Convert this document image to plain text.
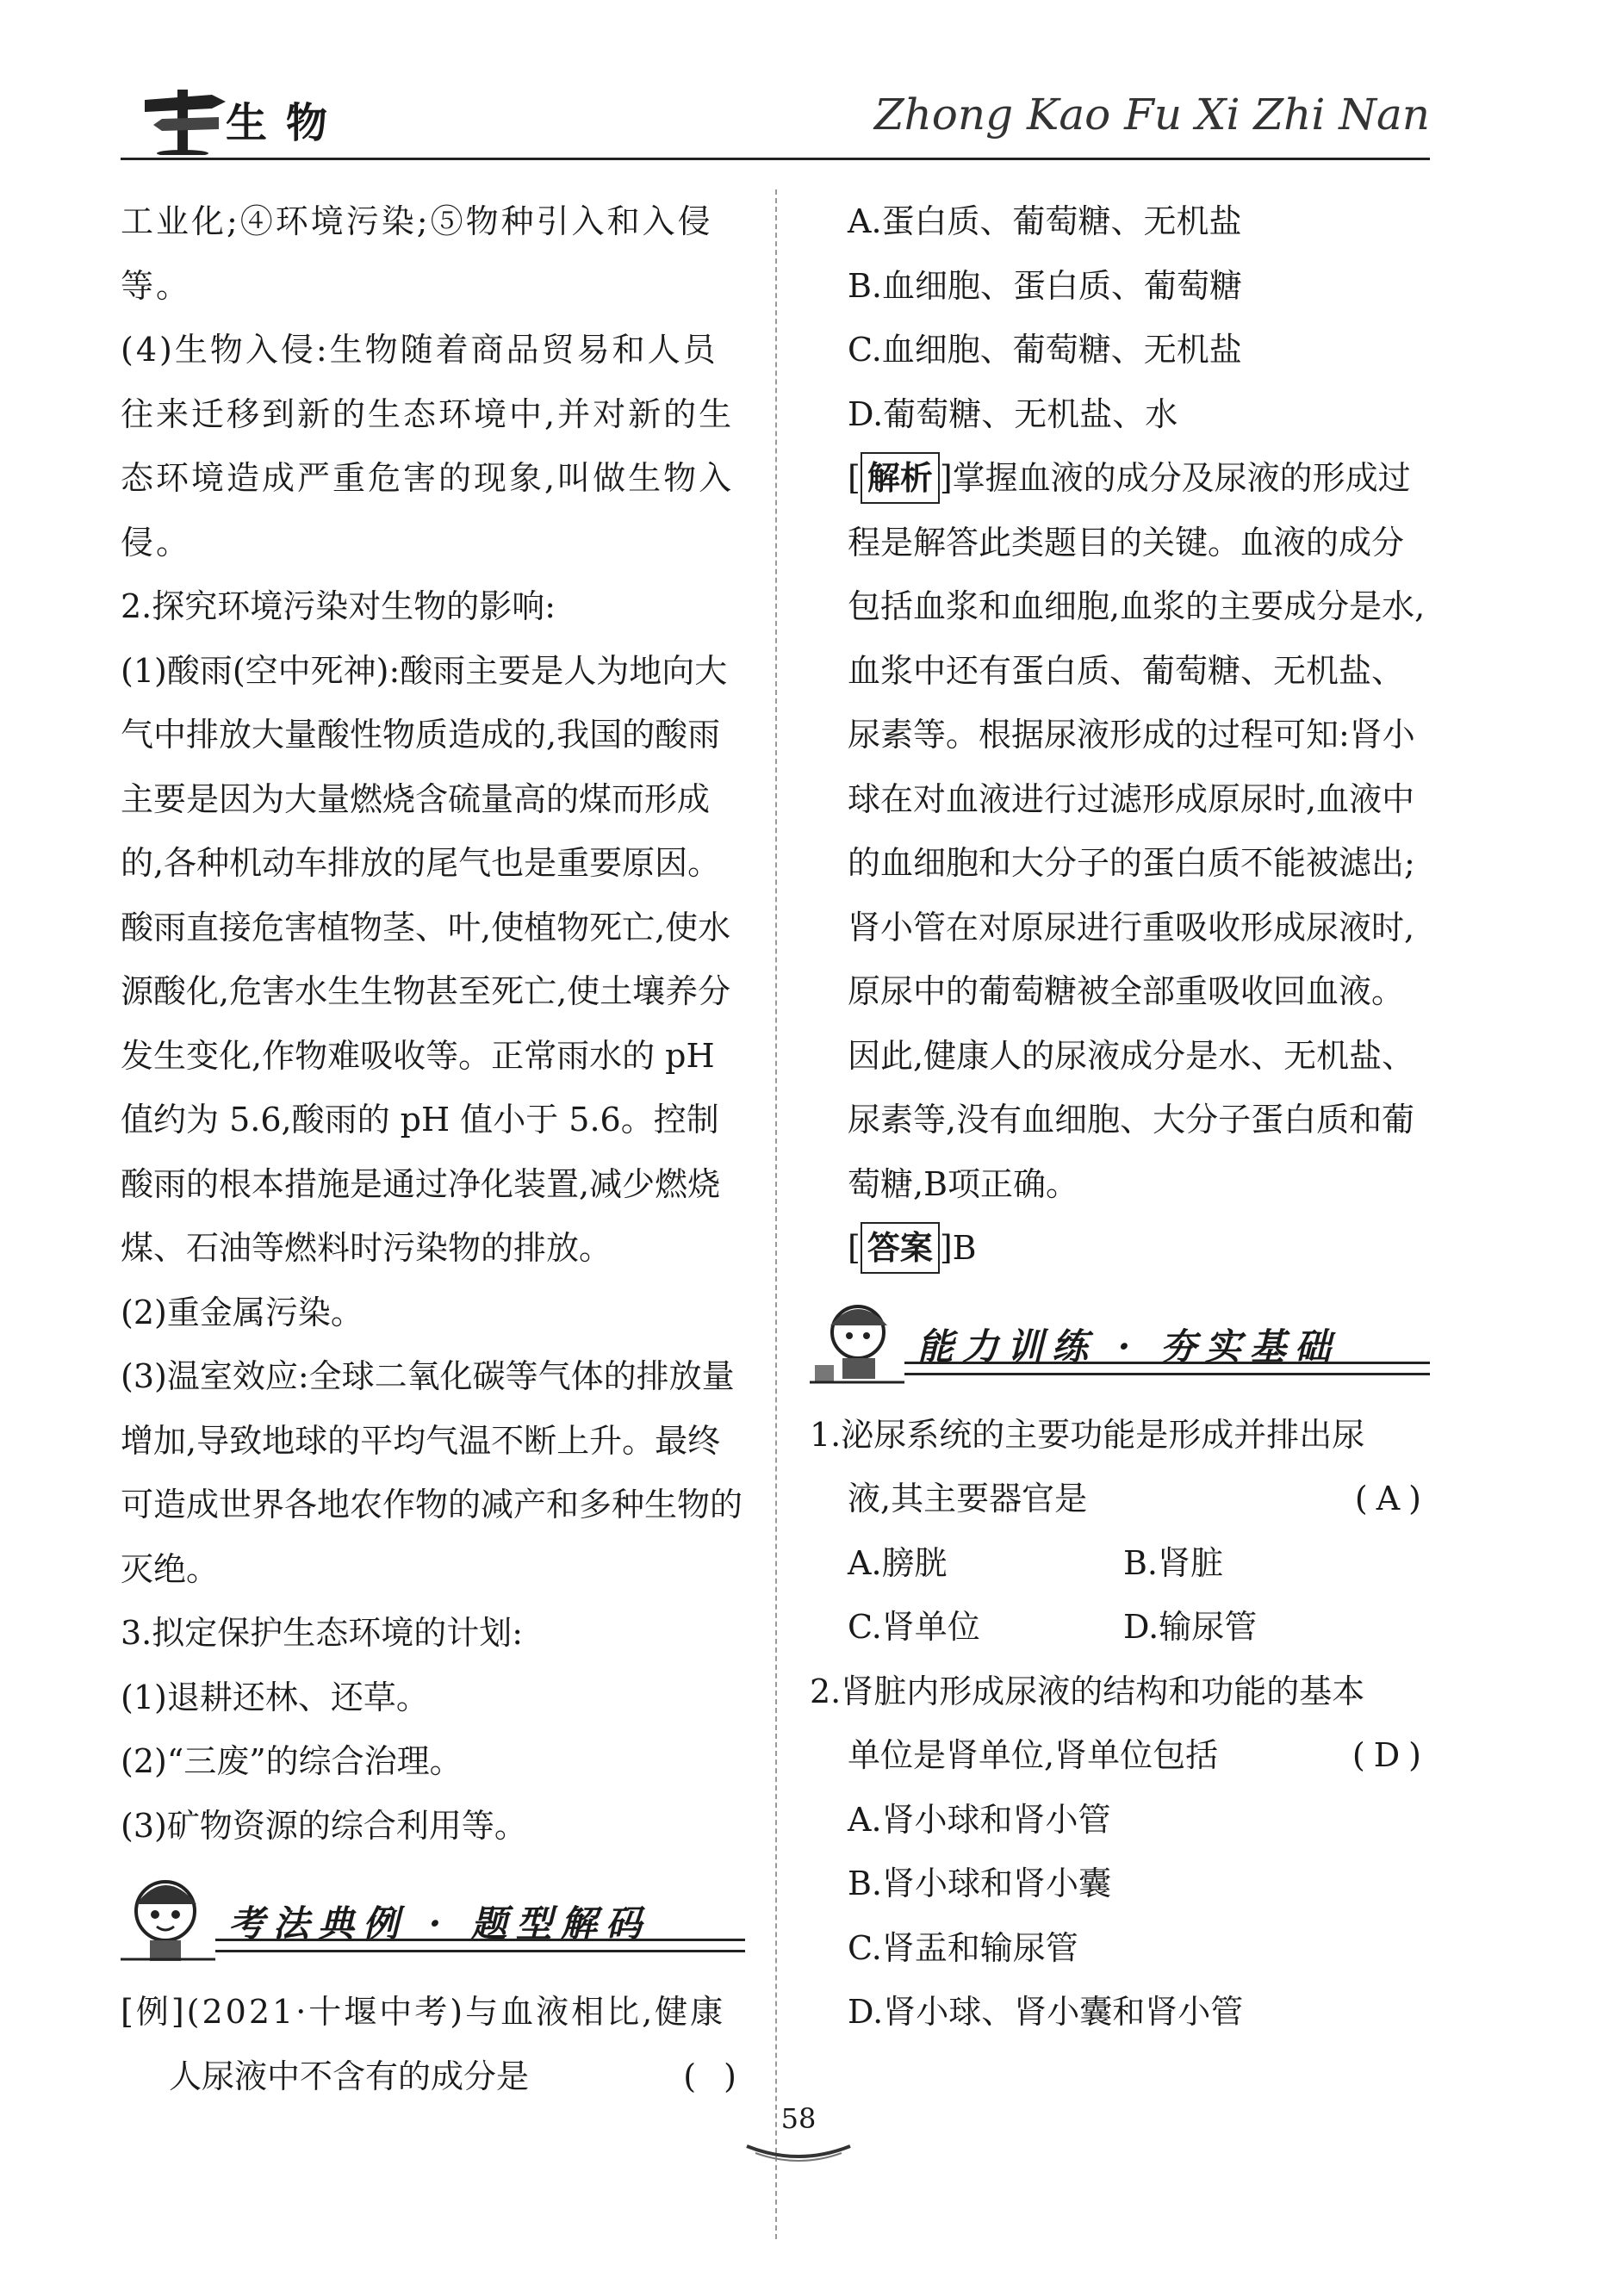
生物	Zhong Kao Fu Xi Zhi Nan

工业化;④环境污染;⑤物种引入和入侵等。

(4)生物入侵:生物随着商品贸易和人员往来迁移到新的生态环境中,并对新的生态环境造成严重危害的现象,叫做生物入侵。

2.探究环境污染对生物的影响:

(1)酸雨(空中死神):酸雨主要是人为地向大气中排放大量酸性物质造成的,我国的酸雨主要是因为大量燃烧含硫量高的煤而形成的,各种机动车排放的尾气也是重要原因。酸雨直接危害植物茎、叶,使植物死亡,使水源酸化,危害水生生物甚至死亡,使土壤养分发生变化,作物难吸收等。正常雨水的 pH 值约为 5.6,酸雨的 pH 值小于 5.6。控制酸雨的根本措施是通过净化装置,减少燃烧煤、石油等燃料时污染物的排放。

(2)重金属污染。

(3)温室效应:全球二氧化碳等气体的排放量增加,导致地球的平均气温不断上升。最终可造成世界各地农作物的减产和多种生物的灭绝。

3.拟定保护生态环境的计划:

(1)退耕还林、还草。

(2)“三废”的综合治理。

(3)矿物资源的综合利用等。

考法典例 · 题型解码

[例](2021·十堰中考)与血液相比,健康

人尿液中不含有的成分是	( )

A.蛋白质、葡萄糖、无机盐

B.血细胞、蛋白质、葡萄糖

C.血细胞、葡萄糖、无机盐

D.葡萄糖、无机盐、水

[ 解析 ]掌握血液的成分及尿液的形成过程是解答此类题目的关键。血液的成分包括血浆和血细胞,血浆的主要成分是水,血浆中还有蛋白质、葡萄糖、无机盐、尿素等。根据尿液形成的过程可知:肾小球在对血液进行过滤形成原尿时,血液中的血细胞和大分子的蛋白质不能被滤出;肾小管在对原尿进行重吸收形成尿液时,原尿中的葡萄糖被全部重吸收回血液。因此,健康人的尿液成分是水、无机盐、尿素等,没有血细胞、大分子蛋白质和葡萄糖,B项正确。

[ 答案 ]B

能力训练 · 夯实基础

1.泌尿系统的主要功能是形成并排出尿

液,其主要器官是	(A)

A.膀胱	B.肾脏
C.肾单位	D.输尿管

2.肾脏内形成尿液的结构和功能的基本

单位是肾单位,肾单位包括	(D)

A.肾小球和肾小管

B.肾小球和肾小囊

C.肾盂和输尿管

D.肾小球、肾小囊和肾小管

58
